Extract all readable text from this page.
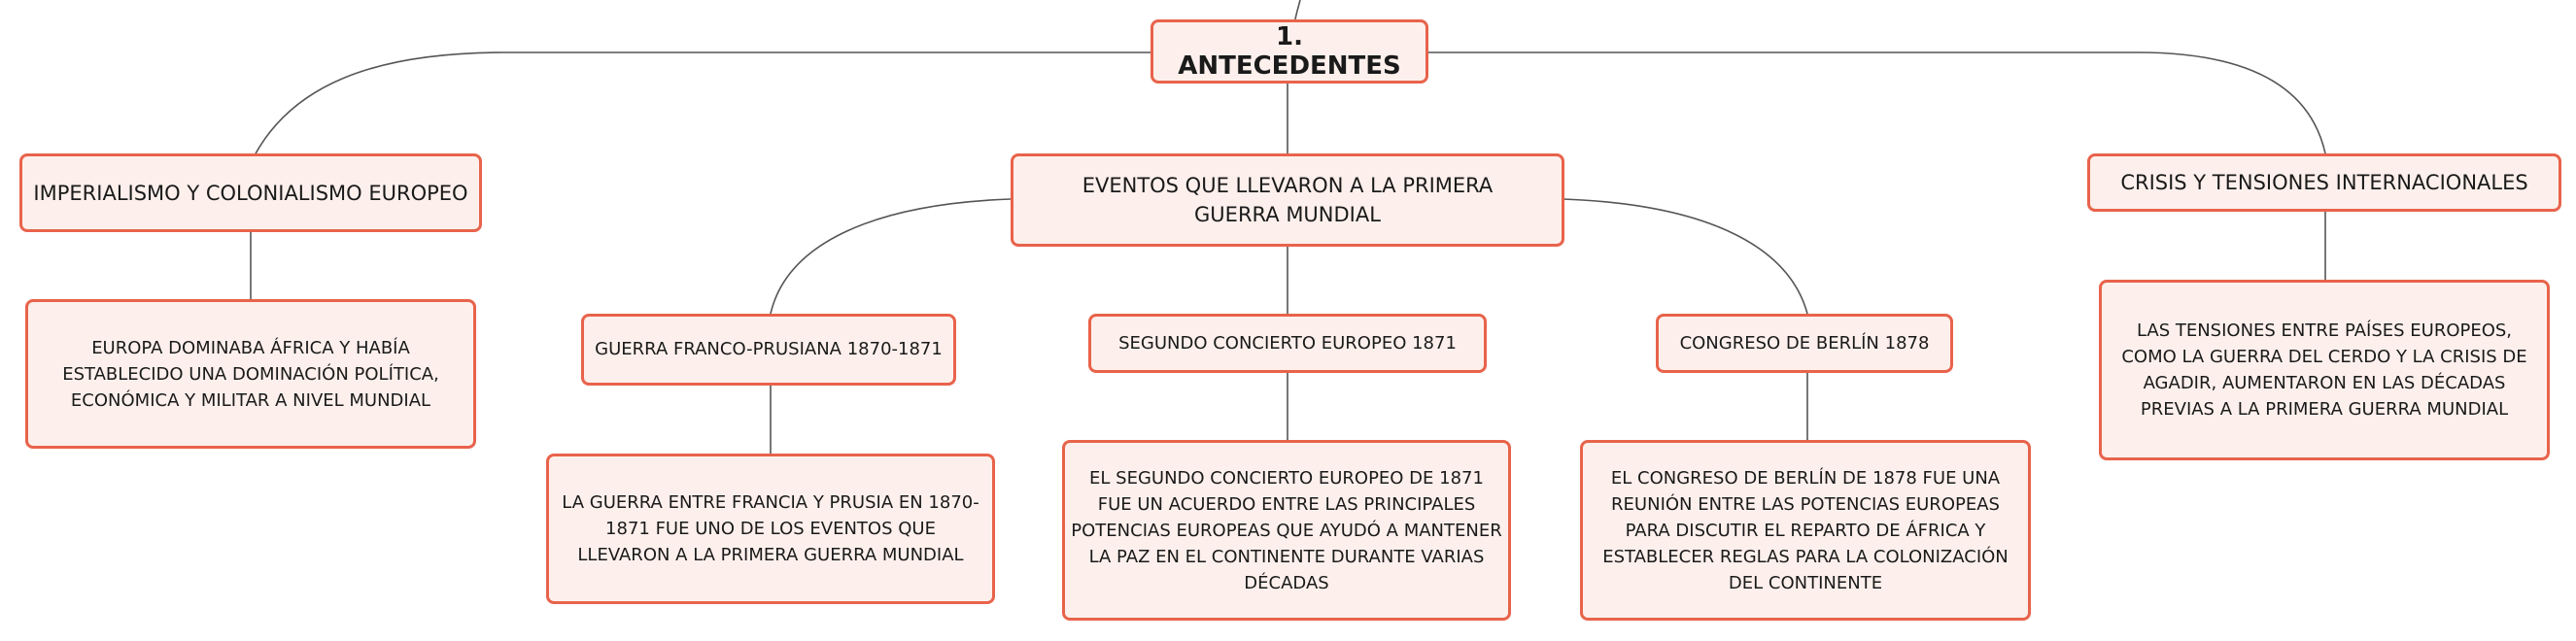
1. ANTECEDENTES
IMPERIALISMO Y COLONIALISMO EUROPEO
EUROPA DOMINABA ÁFRICA Y HABÍA ESTABLECIDO UNA DOMINACIÓN POLÍTICA, ECONÓMICA Y MILITAR A NIVEL MUNDIAL
EVENTOS QUE LLEVARON A LA PRIMERA GUERRA MUNDIAL
GUERRA FRANCO-PRUSIANA 1870-1871
LA GUERRA ENTRE FRANCIA Y PRUSIA EN 1870-1871 FUE UNO DE LOS EVENTOS QUE LLEVARON A LA PRIMERA GUERRA MUNDIAL
SEGUNDO CONCIERTO EUROPEO 1871
EL SEGUNDO CONCIERTO EUROPEO DE 1871 FUE UN ACUERDO ENTRE LAS PRINCIPALES POTENCIAS EUROPEAS QUE AYUDÓ A MANTENER LA PAZ EN EL CONTINENTE DURANTE VARIAS DÉCADAS
CONGRESO DE BERLÍN 1878
EL CONGRESO DE BERLÍN DE 1878 FUE UNA REUNIÓN ENTRE LAS POTENCIAS EUROPEAS PARA DISCUTIR EL REPARTO DE ÁFRICA Y ESTABLECER REGLAS PARA LA COLONIZACIÓN DEL CONTINENTE
CRISIS Y TENSIONES INTERNACIONALES
LAS TENSIONES ENTRE PAÍSES EUROPEOS, COMO LA GUERRA DEL CERDO Y LA CRISIS DE AGADIR, AUMENTARON EN LAS DÉCADAS PREVIAS A LA PRIMERA GUERRA MUNDIAL
